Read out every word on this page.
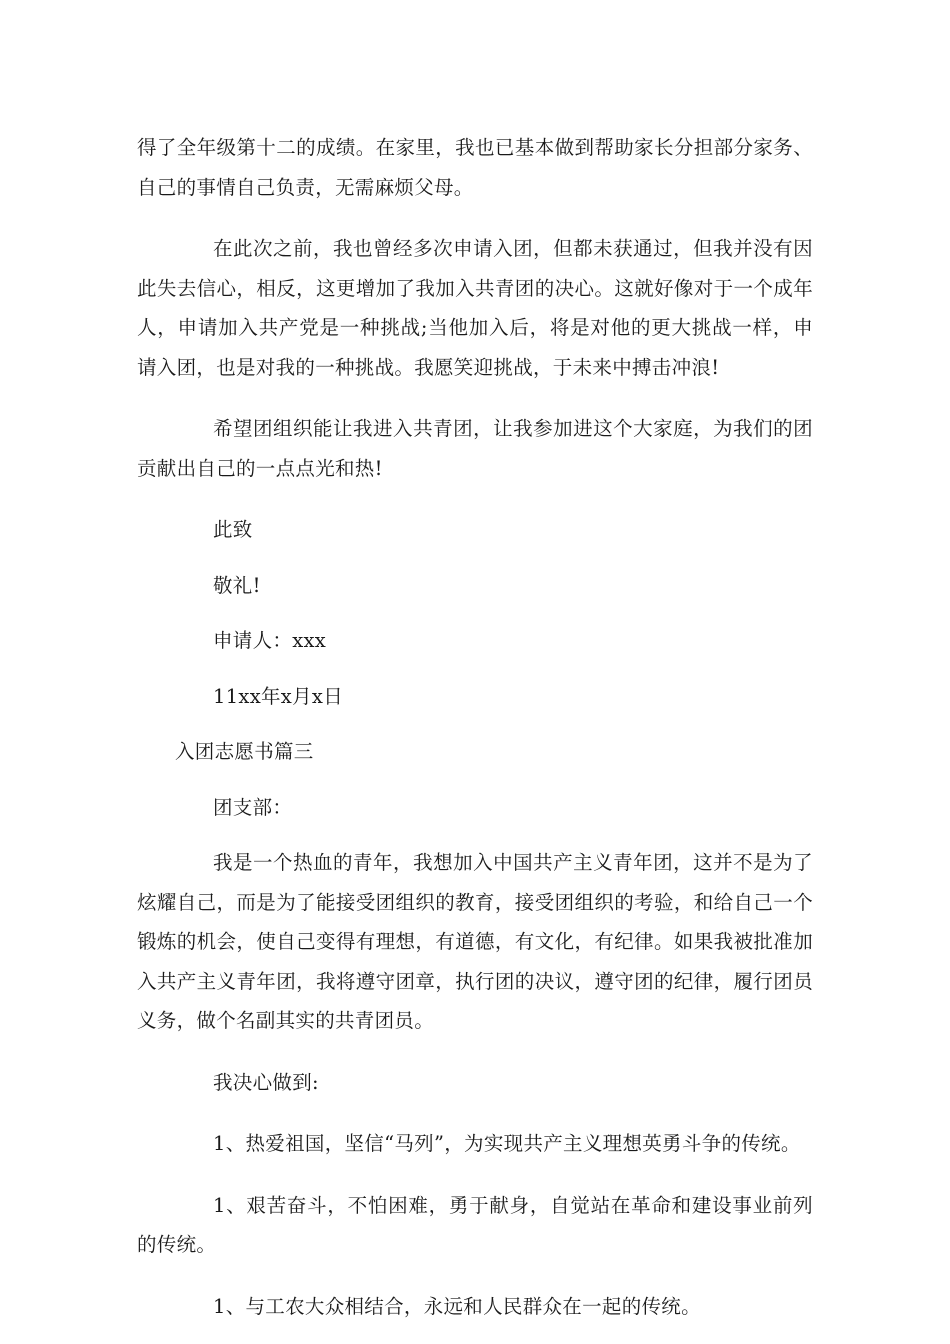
得了全年级第十二的成绩。在家里，我也已基本做到帮助家长分担部分家务、自己的事情自己负责，无需麻烦父母。

在此次之前，我也曾经多次申请入团，但都未获通过，但我并没有因此失去信心，相反，这更增加了我加入共青团的决心。这就好像对于一个成年人，申请加入共产党是一种挑战;当他加入后，将是对他的更大挑战一样，申请入团，也是对我的一种挑战。我愿笑迎挑战，于未来中搏击冲浪!

希望团组织能让我进入共青团，让我参加进这个大家庭，为我们的团贡献出自己的一点点光和热!

此致

敬礼!

申请人：xxx

11xx年x月x日

入团志愿书篇三

团支部：

我是一个热血的青年，我想加入中国共产主义青年团，这并不是为了炫耀自己，而是为了能接受团组织的教育，接受团组织的考验，和给自己一个锻炼的机会，使自己变得有理想，有道德，有文化，有纪律。如果我被批准加入共产主义青年团，我将遵守团章，执行团的决议，遵守团的纪律，履行团员义务，做个名副其实的共青团员。

我决心做到:

1、热爱祖国，坚信“马列”，为实现共产主义理想英勇斗争的传统。

1、艰苦奋斗，不怕困难，勇于献身，自觉站在革命和建设事业前列的传统。

1、与工农大众相结合，永远和人民群众在一起的传统。
